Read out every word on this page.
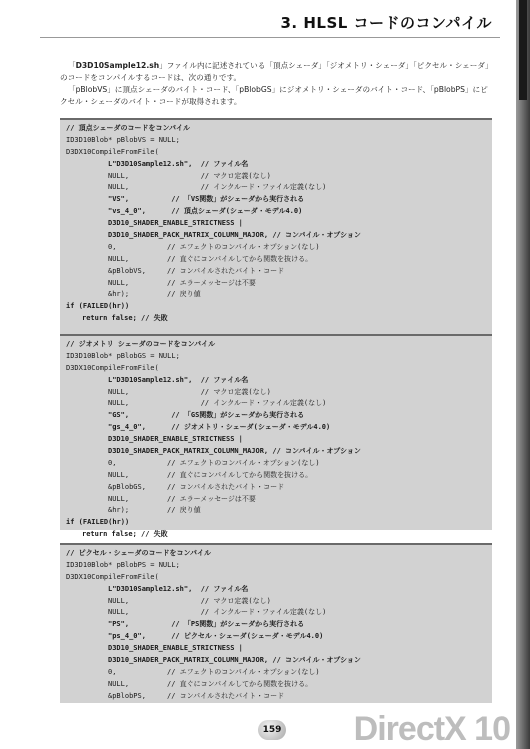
3. HLSL コードのコンパイル

「D3D10Sample12.sh」ファイル内に記述されている「頂点シェーダ」「ジオメトリ・シェーダ」「ピクセル・シェーダ」のコードをコンパイルするコードは、次の通りです。

「pBlobVS」に頂点シェーダのバイト・コード、「pBlobGS」にジオメトリ・シェーダのバイト・コード、「pBlobPS」にピクセル・シェーダのバイト・コードが取得されます。

// 頂点シェーダのコードをコンパイル
ID3D10Blob* pBlobVS = NULL;
D3DX10CompileFromFile(
L"D3D10Sample12.sh",  // ファイル名
NULL,                 // マクロ定義(なし)
NULL,                 // インクルード・ファイル定義(なし)
"VS",          // 「VS関数」がシェーダから実行される
"vs_4_0",      // 頂点シェーダ(シェーダ・モデル4.0)
D3D10_SHADER_ENABLE_STRICTNESS |
D3D10_SHADER_PACK_MATRIX_COLUMN_MAJOR, // コンパイル・オプション
0,            // エフェクトのコンパイル・オプション(なし)
NULL,         // 直ぐにコンパイルしてから関数を抜ける。
&pBlobVS,     // コンパイルされたバイト・コード
NULL,         // エラーメッセージは不要
&hr);         // 戻り値
if (FAILED(hr))
return false; // 失敗
// ジオメトリ シェーダのコードをコンパイル
ID3D10Blob* pBlobGS = NULL;
D3DX10CompileFromFile(
L"D3D10Sample12.sh",  // ファイル名
NULL,                 // マクロ定義(なし)
NULL,                 // インクルード・ファイル定義(なし)
"GS",          // 「GS関数」がシェーダから実行される
"gs_4_0",      // ジオメトリ・シェーダ(シェーダ・モデル4.0)
D3D10_SHADER_ENABLE_STRICTNESS |
D3D10_SHADER_PACK_MATRIX_COLUMN_MAJOR, // コンパイル・オプション
0,            // エフェクトのコンパイル・オプション(なし)
NULL,         // 直ぐにコンパイルしてから関数を抜ける。
&pBlobGS,     // コンパイルされたバイト・コード
NULL,         // エラーメッセージは不要
&hr);         // 戻り値
if (FAILED(hr))
return false; // 失敗
// ピクセル・シェーダのコードをコンパイル
ID3D10Blob* pBlobPS = NULL;
D3DX10CompileFromFile(
L"D3D10Sample12.sh",  // ファイル名
NULL,                 // マクロ定義(なし)
NULL,                 // インクルード・ファイル定義(なし)
"PS",          // 「PS関数」がシェーダから実行される
"ps_4_0",      // ピクセル・シェーダ(シェーダ・モデル4.0)
D3D10_SHADER_ENABLE_STRICTNESS |
D3D10_SHADER_PACK_MATRIX_COLUMN_MAJOR, // コンパイル・オプション
0,            // エフェクトのコンパイル・オプション(なし)
NULL,         // 直ぐにコンパイルしてから関数を抜ける。
&pBlobPS,     // コンパイルされたバイト・コード
159 DirectX 10
